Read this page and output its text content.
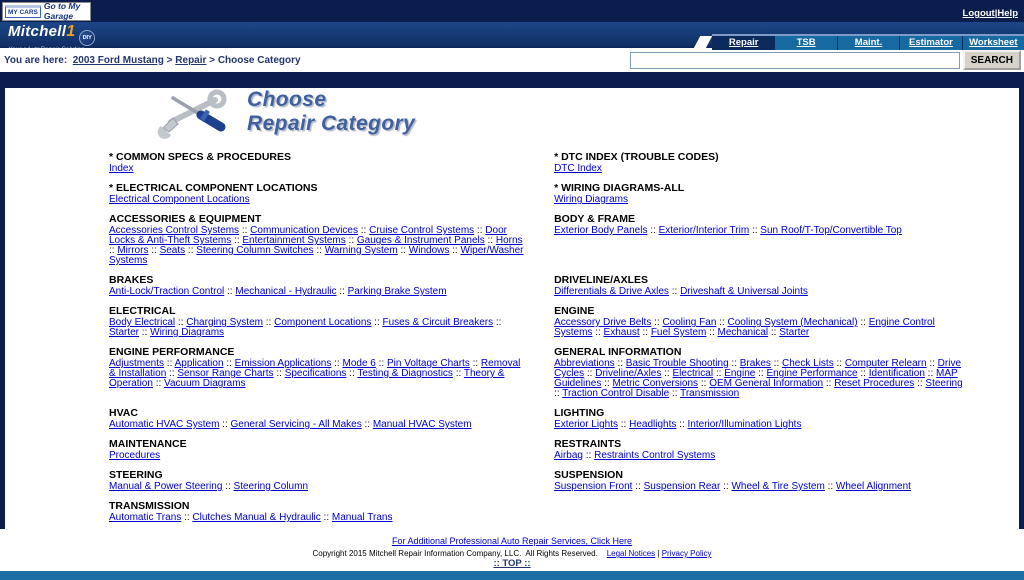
MY CARS
Go to My Garage	Logout|Help
Mitchell1 DIY	Repair	TSB	Maint.	Estimator	Worksheet
You are here: 2003 Ford Mustang > Repair > Choose Category	SEARCH
Choose
Repair Category
* COMMON SPECS & PROCEDURES
Index
* DTC INDEX (TROUBLE CODES)
DTC Index
* ELECTRICAL COMPONENT LOCATIONS
Electrical Component Locations
* WIRING DIAGRAMS-ALL
Wiring Diagrams
ACCESSORIES & EQUIPMENT
Accessories Control Systems :: Communication Devices :: Cruise Control Systems :: Door Locks & Anti-Theft Systems :: Entertainment Systems :: Gauges & Instrument Panels :: Horns :: Mirrors :: Seats :: Steering Column Switches :: Warning System :: Windows :: Wiper/Washer Systems
BODY & FRAME
Exterior Body Panels :: Exterior/Interior Trim :: Sun Roof/T-Top/Convertible Top
BRAKES
Anti-Lock/Traction Control :: Mechanical - Hydraulic :: Parking Brake System
DRIVELINE/AXLES
Differentials & Drive Axles :: Driveshaft & Universal Joints
ELECTRICAL
Body Electrical :: Charging System :: Component Locations :: Fuses & Circuit Breakers :: Starter :: Wiring Diagrams
ENGINE
Accessory Drive Belts :: Cooling Fan :: Cooling System (Mechanical) :: Engine Control Systems :: Exhaust :: Fuel System :: Mechanical :: Starter
ENGINE PERFORMANCE
Adjustments :: Application :: Emission Applications :: Mode 6 :: Pin Voltage Charts :: Removal & Installation :: Sensor Range Charts :: Specifications :: Testing & Diagnostics :: Theory & Operation :: Vacuum Diagrams
GENERAL INFORMATION
Abbreviations :: Basic Trouble Shooting :: Brakes :: Check Lists :: Computer Relearn :: Drive Cycles :: Driveline/Axles :: Electrical :: Engine :: Engine Performance :: Identification :: MAP Guidelines :: Metric Conversions :: OEM General Information :: Reset Procedures :: Steering :: Traction Control Disable :: Transmission
HVAC
Automatic HVAC System :: General Servicing - All Makes :: Manual HVAC System
LIGHTING
Exterior Lights :: Headlights :: Interior/Illumination Lights
MAINTENANCE
Procedures
RESTRAINTS
Airbag :: Restraints Control Systems
STEERING
Manual & Power Steering :: Steering Column
SUSPENSION
Suspension Front :: Suspension Rear :: Wheel & Tire System :: Wheel Alignment
TRANSMISSION
Automatic Trans :: Clutches Manual & Hydraulic :: Manual Trans
For Additional Professional Auto Repair Services, Click Here
Copyright 2015 Mitchell Repair Information Company, LLC.  All Rights Reserved.    Legal Notices | Privacy Policy
:: TOP ::
